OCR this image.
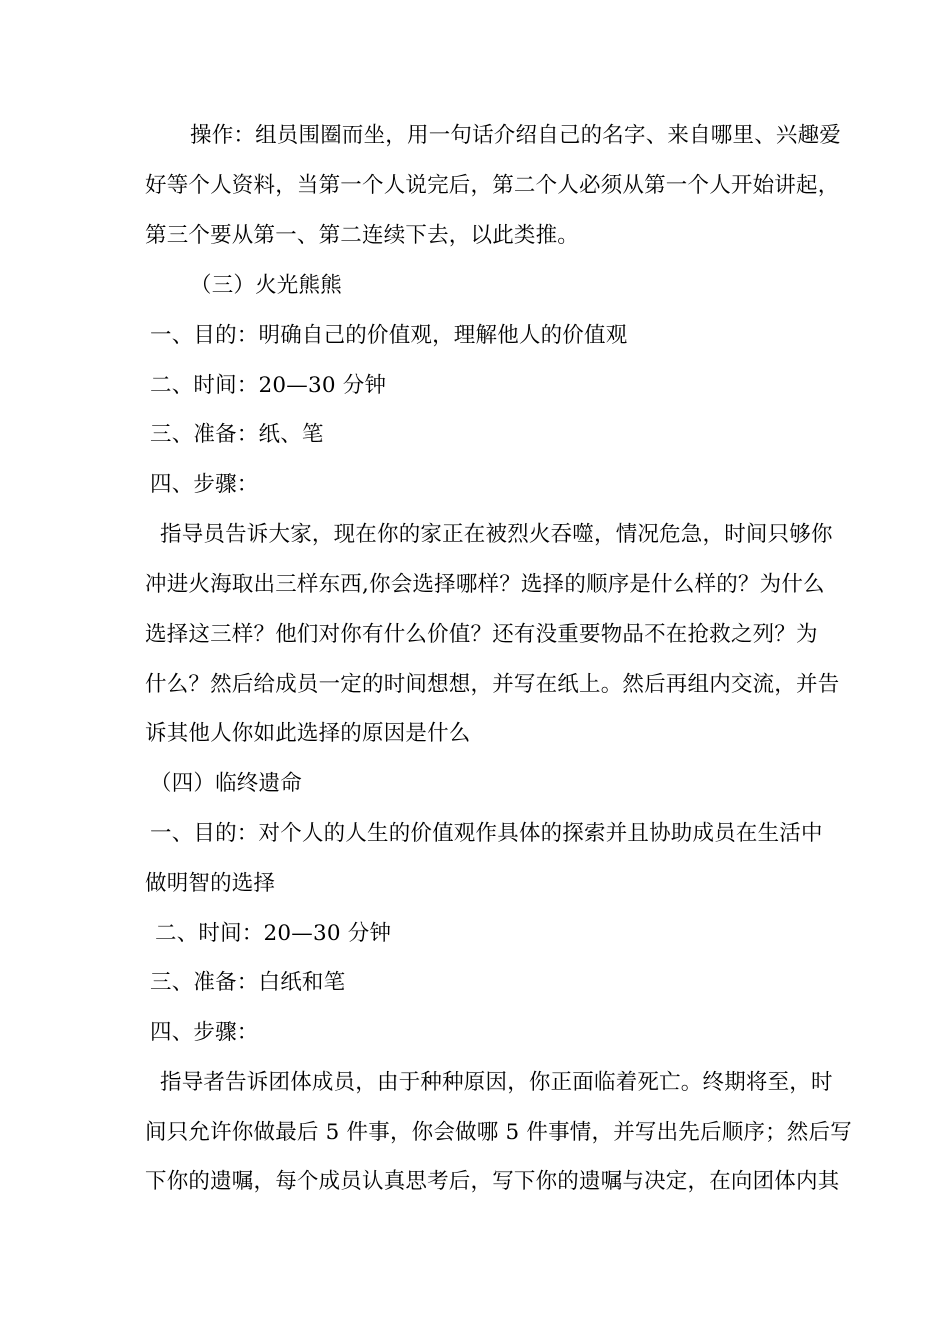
操作：组员围圈而坐，用一句话介绍自己的名字、来自哪里、兴趣爱
好等个人资料，当第一个人说完后，第二个人必须从第一个人开始讲起，
第三个要从第一、第二连续下去，以此类推。
（三）火光熊熊
一、目的：明确自己的价值观，理解他人的价值观
二、时间：20—30 分钟
三、准备：纸、笔
四、步骤：
指导员告诉大家，现在你的家正在被烈火吞噬，情况危急，时间只够你
冲进火海取出三样东西,你会选择哪样？选择的顺序是什么样的？为什么
选择这三样？他们对你有什么价值？还有没重要物品不在抢救之列？为
什么？然后给成员一定的时间想想，并写在纸上。然后再组内交流，并告
诉其他人你如此选择的原因是什么
（四）临终遗命
一、目的：对个人的人生的价值观作具体的探索并且协助成员在生活中
做明智的选择
二、时间：20—30 分钟
三、准备：白纸和笔
四、步骤：
指导者告诉团体成员，由于种种原因，你正面临着死亡。终期将至，时
间只允许你做最后 5 件事，你会做哪 5 件事情，并写出先后顺序；然后写
下你的遗嘱，每个成员认真思考后，写下你的遗嘱与决定，在向团体内其
